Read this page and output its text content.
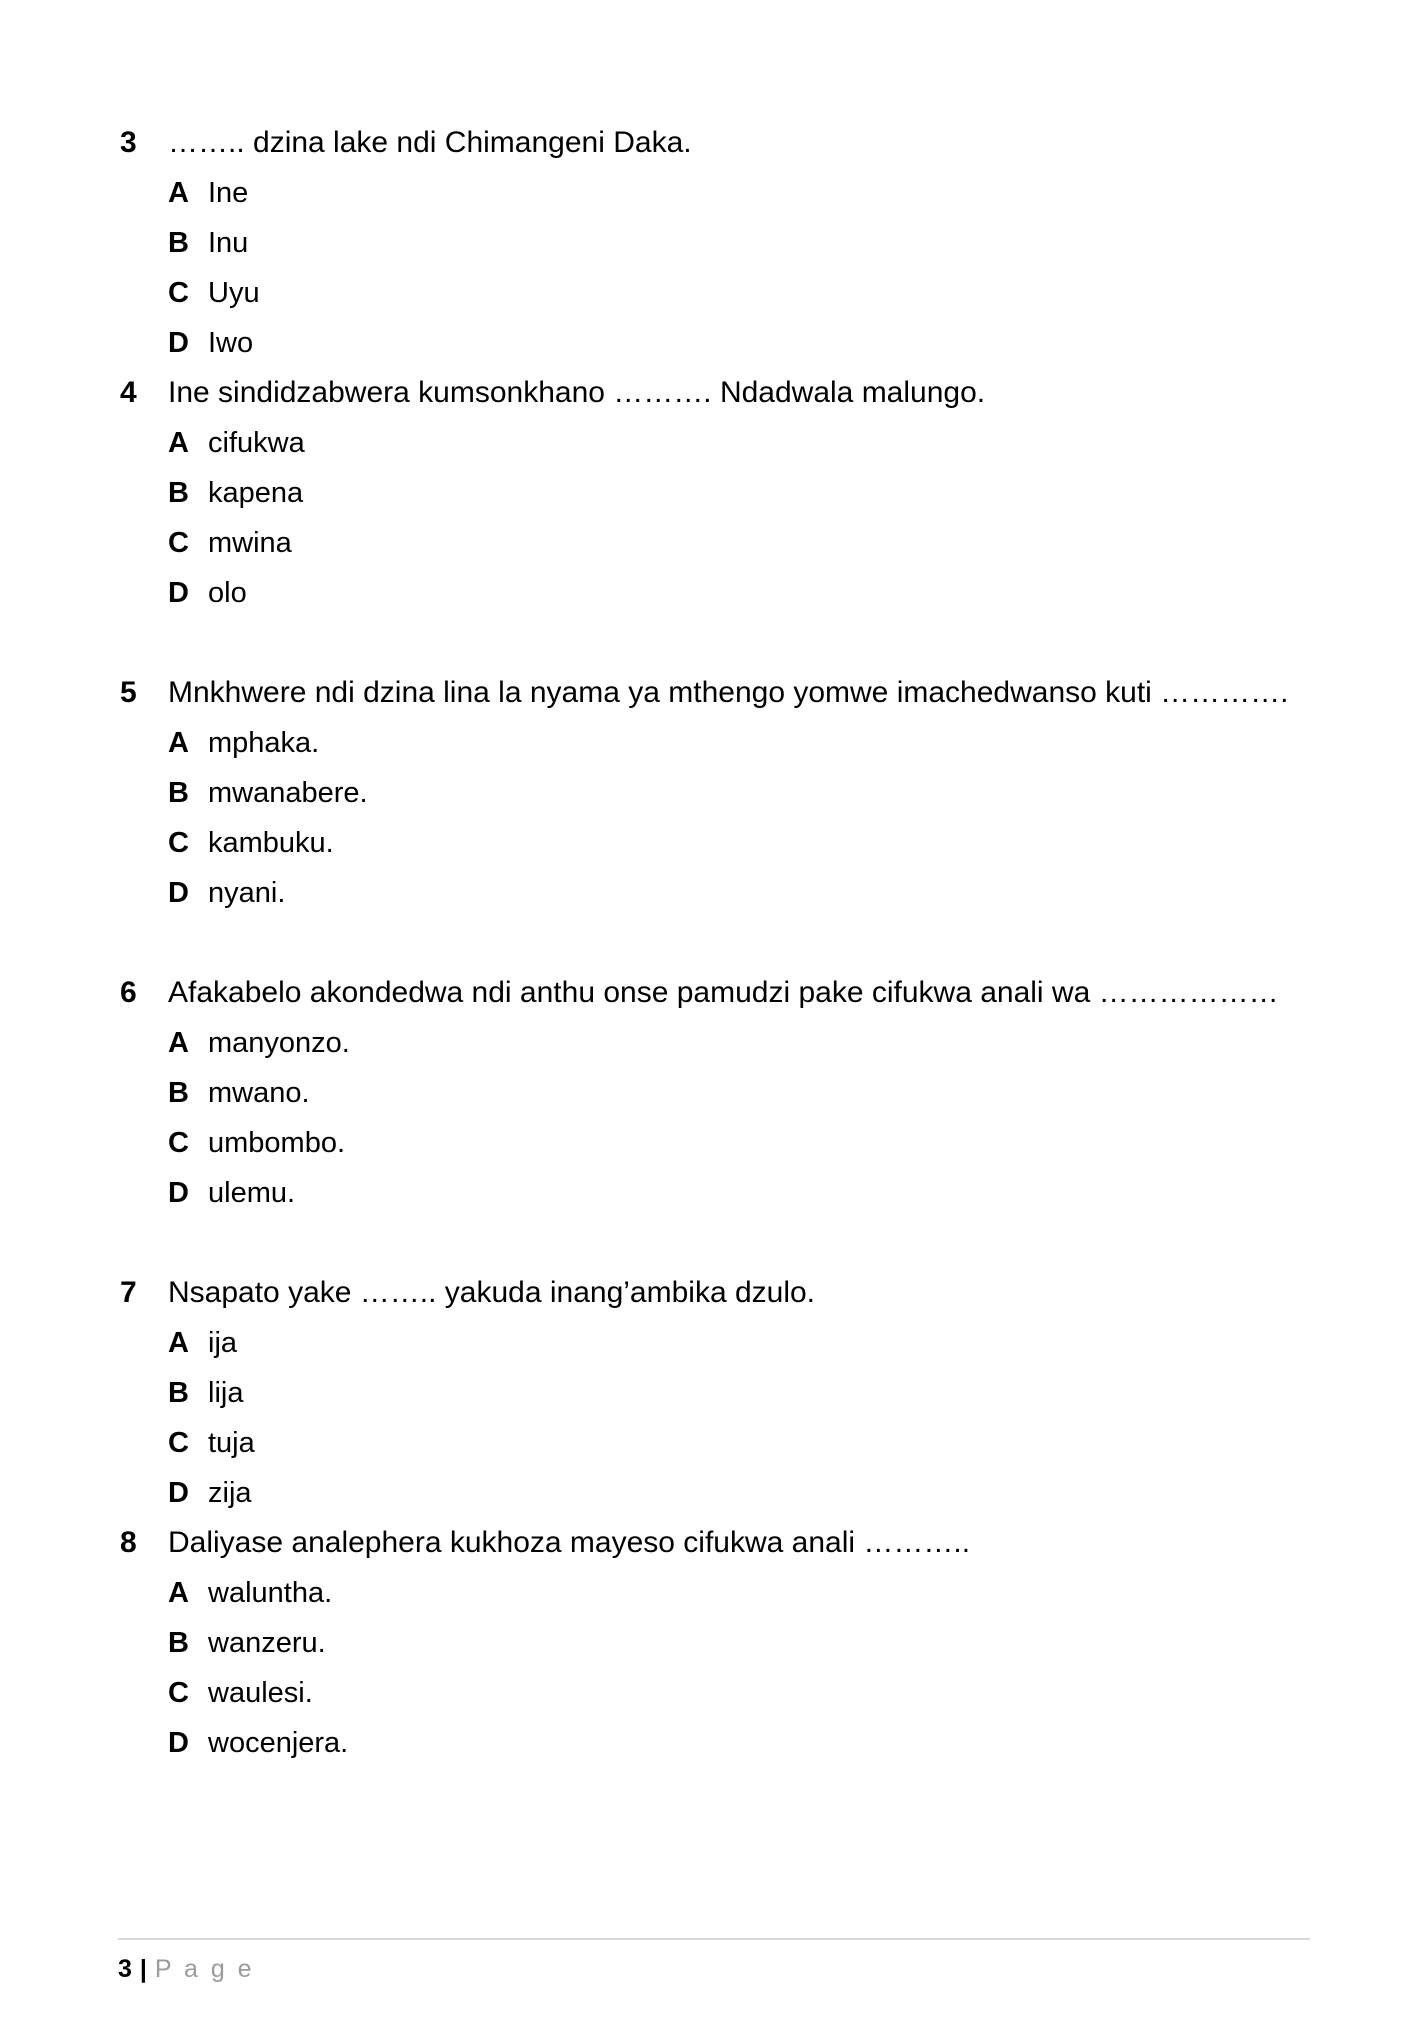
3	…….. dzina lake ndi Chimangeni Daka.
A Ine
B Inu
C Uyu
D Iwo
4	Ine sindidzabwera kumsonkhano ………. Ndadwala malungo.
A cifukwa
B kapena
C mwina
D olo
5	Mnkhwere ndi dzina lina la nyama ya mthengo yomwe imachedwanso kuti ………….
A mphaka.
B mwanabere.
C kambuku.
D nyani.
6	Afakabelo akondedwa ndi anthu onse pamudzi pake cifukwa anali wa ………………
A manyonzo.
B mwano.
C umbombo.
D ulemu.
7	Nsapato yake …….. yakuda inang’ambika dzulo.
A ija
B lija
C tuja
D zija
8	Daliyase analephera kukhoza mayeso cifukwa anali ………..
A waluntha.
B wanzeru.
C waulesi.
D wocenjera.
3 | P a g e
